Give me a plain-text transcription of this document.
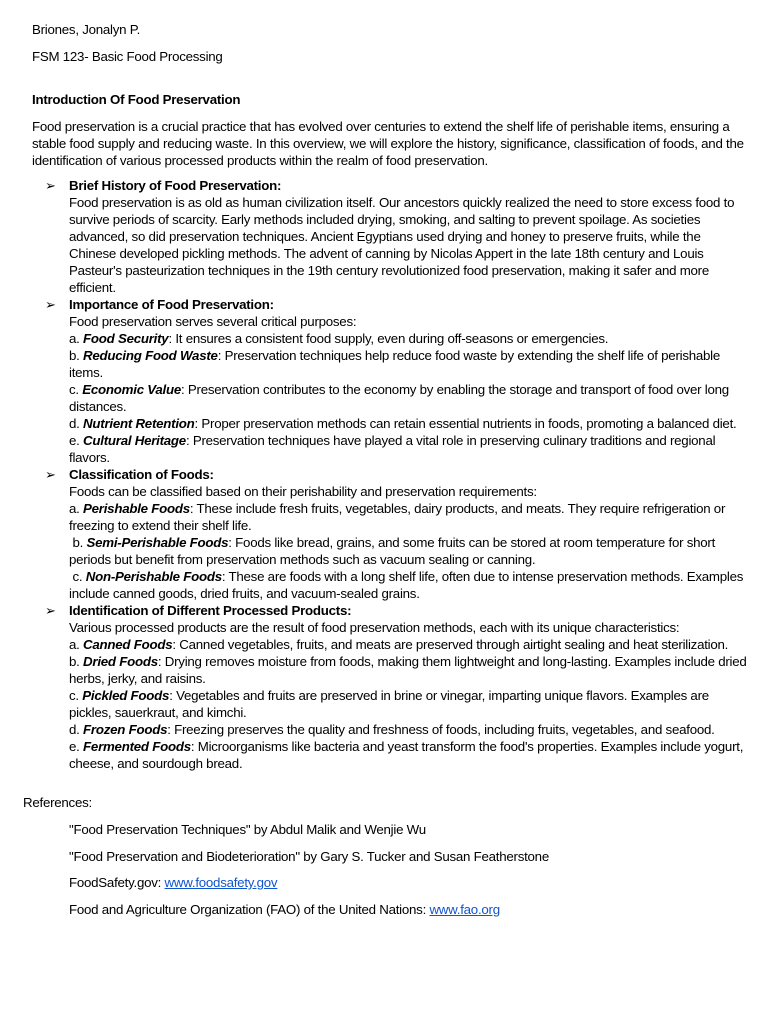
Briones, Jonalyn P.
FSM 123- Basic Food Processing
Introduction Of Food Preservation

Food preservation is a crucial practice that has evolved over centuries to extend the shelf life of perishable items, ensuring a stable food supply and reducing waste. In this overview, we will explore the history, significance, classification of foods, and the identification of various processed products within the realm of food preservation.

➢ Brief History of Food Preservation:

Food preservation is as old as human civilization itself. Our ancestors quickly realized the need to store excess food to survive periods of scarcity. Early methods included drying, smoking, and salting to prevent spoilage. As societies advanced, so did preservation techniques. Ancient Egyptians used drying and honey to preserve fruits, while the Chinese developed pickling methods. The advent of canning by Nicolas Appert in the late 18th century and Louis Pasteur's pasteurization techniques in the 19th century revolutionized food preservation, making it safer and more efficient.

➢ Importance of Food Preservation:

Food preservation serves several critical purposes:

a. Food Security: It ensures a consistent food supply, even during off-seasons or emergencies.

b. Reducing Food Waste: Preservation techniques help reduce food waste by extending the shelf life of perishable items.

c. Economic Value: Preservation contributes to the economy by enabling the storage and transport of food over long distances.

d. Nutrient Retention: Proper preservation methods can retain essential nutrients in foods, promoting a balanced diet.

e. Cultural Heritage: Preservation techniques have played a vital role in preserving culinary traditions and regional flavors.

➢ Classification of Foods:

Foods can be classified based on their perishability and preservation requirements:

a. Perishable Foods: These include fresh fruits, vegetables, dairy products, and meats. They require refrigeration or freezing to extend their shelf life.

b. Semi-Perishable Foods: Foods like bread, grains, and some fruits can be stored at room temperature for short periods but benefit from preservation methods such as vacuum sealing or canning.

c. Non-Perishable Foods: These are foods with a long shelf life, often due to intense preservation methods. Examples include canned goods, dried fruits, and vacuum-sealed grains.

➢ Identification of Different Processed Products:

Various processed products are the result of food preservation methods, each with its unique characteristics:

a. Canned Foods: Canned vegetables, fruits, and meats are preserved through airtight sealing and heat sterilization.

b. Dried Foods: Drying removes moisture from foods, making them lightweight and long-lasting. Examples include dried herbs, jerky, and raisins.

c. Pickled Foods: Vegetables and fruits are preserved in brine or vinegar, imparting unique flavors. Examples are pickles, sauerkraut, and kimchi.

d. Frozen Foods: Freezing preserves the quality and freshness of foods, including fruits, vegetables, and seafood.

e. Fermented Foods: Microorganisms like bacteria and yeast transform the food's properties. Examples include yogurt, cheese, and sourdough bread.

References:
"Food Preservation Techniques" by Abdul Malik and Wenjie Wu
"Food Preservation and Biodeterioration" by Gary S. Tucker and Susan Featherstone
FoodSafety.gov: www.foodsafety.gov
Food and Agriculture Organization (FAO) of the United Nations: www.fao.org
